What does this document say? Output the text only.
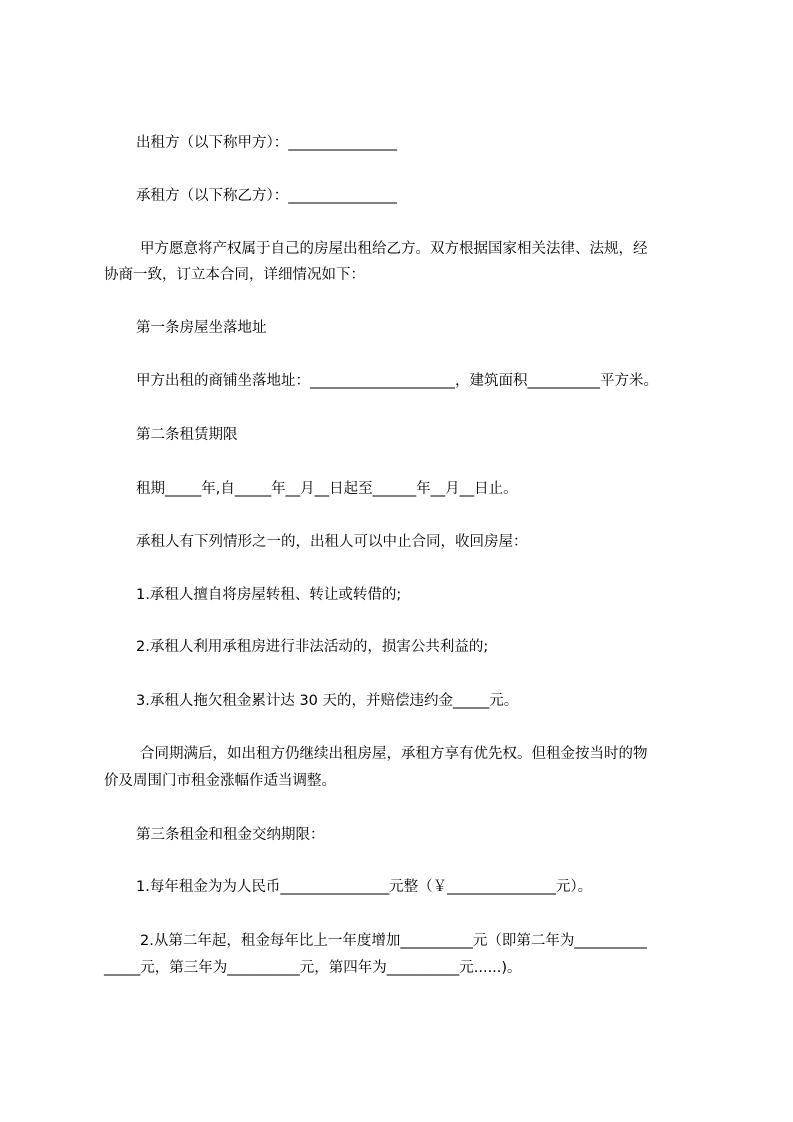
出租方（以下称甲方）：_______________

承租方（以下称乙方）：_______________

甲方愿意将产权属于自己的房屋出租给乙方。双方根据国家相关法律、法规，经

协商一致，订立本合同，详细情况如下：

第一条房屋坐落地址

甲方出租的商铺坐落地址：____________________，建筑面积__________平方米。

第二条租赁期限

租期_____年,自_____年__月__日起至______年__月__日止。

承租人有下列情形之一的，出租人可以中止合同，收回房屋：

1.承租人擅自将房屋转租、转让或转借的;

2.承租人利用承租房进行非法活动的，损害公共利益的;

3.承租人拖欠租金累计达 30 天的，并赔偿违约金_____元。

合同期满后，如出租方仍继续出租房屋，承租方享有优先权。但租金按当时的物

价及周围门市租金涨幅作适当调整。

第三条租金和租金交纳期限：

1.每年租金为为人民币_______________元整（￥_______________元）。

2.从第二年起，租金每年比上一年度增加__________元（即第二年为__________

_____元，第三年为__________元，第四年为__________元......)。
